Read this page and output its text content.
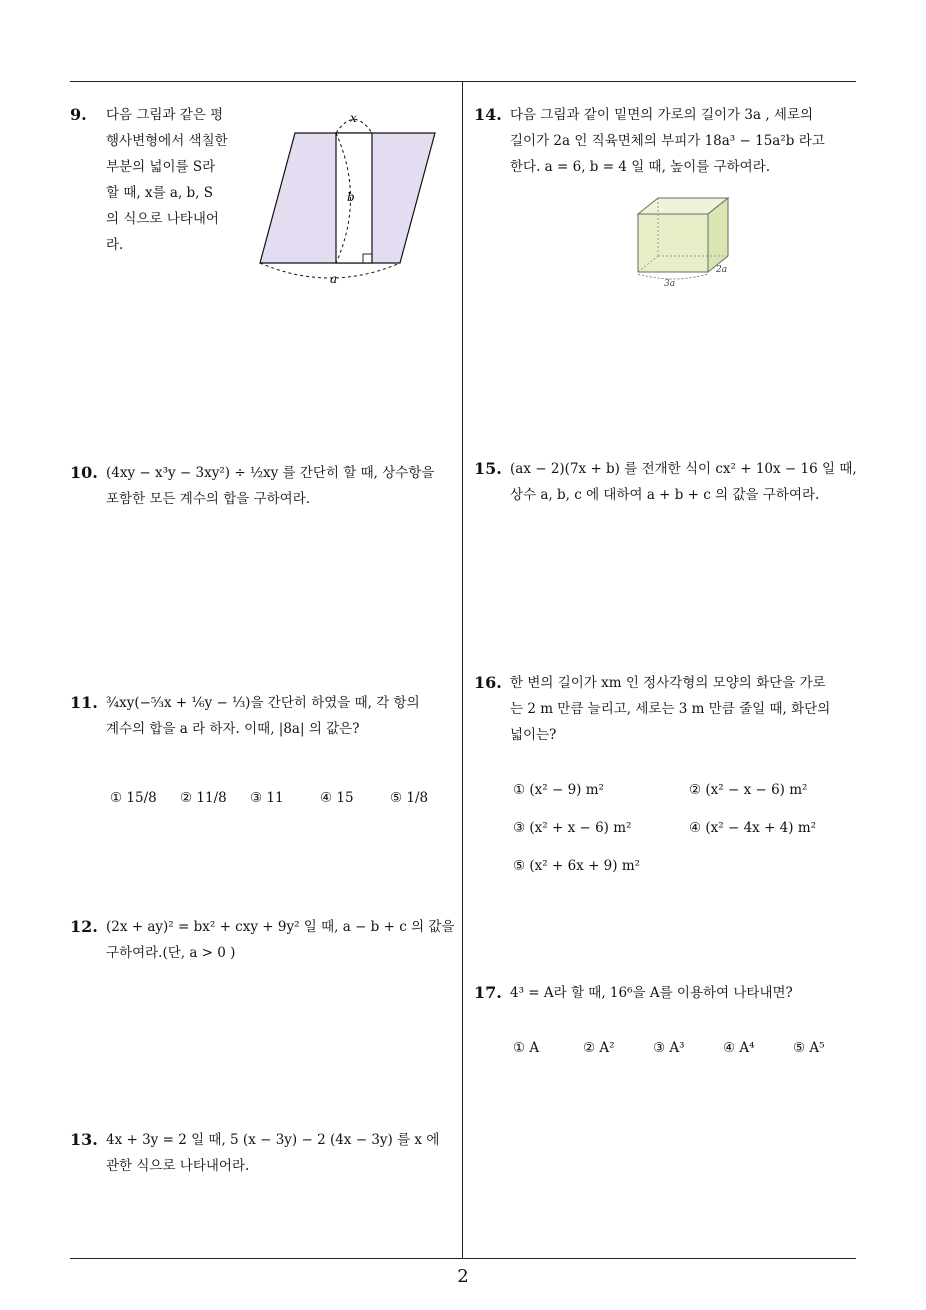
9. 다음 그림과 같은 평
행사변형에서 색칠한
부분의 넓이를 S라
할 때, x를 a, b, S
의 식으로 나타내어
라.
x
b
a
10. (4xy − x³y − 3xy²) ÷ ½xy 를 간단히 할 때, 상수항을
포함한 모든 계수의 합을 구하여라.
11. ¾xy(−⁵⁄₃x + ⅙y − ⅓)을 간단히 하였을 때, 각 항의
계수의 합을 a 라 하자. 이때, |8a| 의 값은?
① 15/8 ② 11/8 ③ 11	④ 15	⑤ 1/8
12. (2x + ay)² = bx² + cxy + 9y² 일 때, a − b + c 의 값을
구하여라.(단, a > 0 )
13. 4x + 3y = 2 일 때, 5 (x − 3y) − 2 (4x − 3y) 를 x 에
관한 식으로 나타내어라.
14. 다음 그림과 같이 밑면의 가로의 길이가 3a , 세로의
길이가 2a 인 직육면체의 부피가 18a³ − 15a²b 라고
한다. a = 6, b = 4 일 때, 높이를 구하여라.
3a
2a
15. (ax − 2)(7x + b) 를 전개한 식이 cx² + 10x − 16 일 때,
상수 a, b, c 에 대하여 a + b + c 의 값을 구하여라.
16. 한 변의 길이가 xm 인 정사각형의 모양의 화단을 가로
는 2 m 만큼 늘리고, 세로는 3 m 만큼 줄일 때, 화단의
넓이는?
① (x² − 9) m²	② (x² − x − 6) m²
③ (x² + x − 6) m²	④ (x² − 4x + 4) m²
⑤ (x² + 6x + 9) m²
17. 4³ = A라 할 때, 16⁶을 A를 이용하여 나타내면?
① A	② A²	③ A³	④ A⁴	⑤ A⁵
2
